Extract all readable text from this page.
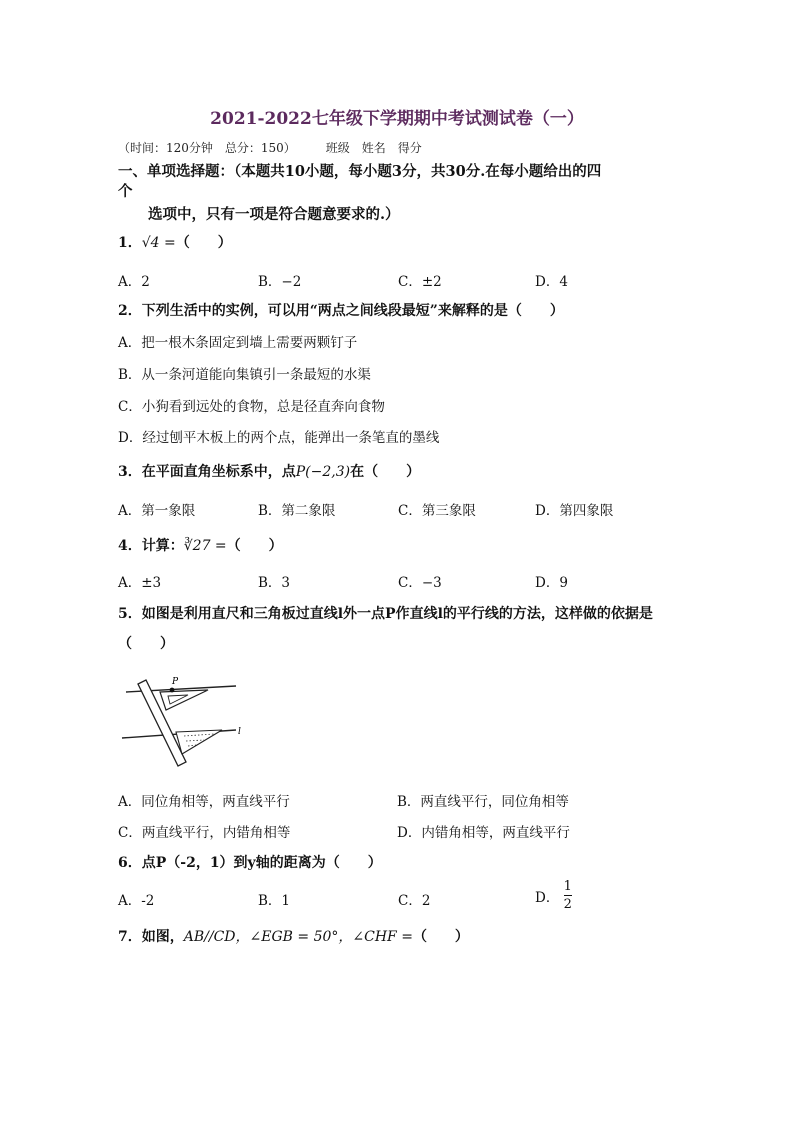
2021-2022七年级下学期期中考试测试卷（一）
（时间：120分钟　总分：150）　　　班级　姓名　得分
一、单项选择题：（本题共10小题，每小题3分，共30分.在每小题给出的四
个
选项中，只有一项是符合题意要求的.）
1．√4 =（　　）
A．2	B．−2	C．±2	D．4
2．下列生活中的实例，可以用“两点之间线段最短”来解释的是（　　）
A．把一根木条固定到墙上需要两颗钉子
B．从一条河道能向集镇引一条最短的水渠
C．小狗看到远处的食物，总是径直奔向食物
D．经过刨平木板上的两个点，能弹出一条笔直的墨线
3．在平面直角坐标系中，点P(−2,3)在（　　）
A．第一象限	B．第二象限	C．第三象限	D．第四象限
4．计算：∛27 =（　　）
A．±3	B．3	C．−3	D．9
5．如图是利用直尺和三角板过直线l外一点P作直线l的平行线的方法，这样做的依据是
（　　）
P
l
A．同位角相等，两直线平行	B．两直线平行，同位角相等
C．两直线平行，内错角相等	D．内错角相等，两直线平行
6．点P（-2，1）到y轴的距离为（　　）
A．-2	B．1	C．2	D． $\frac{1}{2}$
7．如图，AB//CD，∠EGB = 50°，∠CHF =（　　）
